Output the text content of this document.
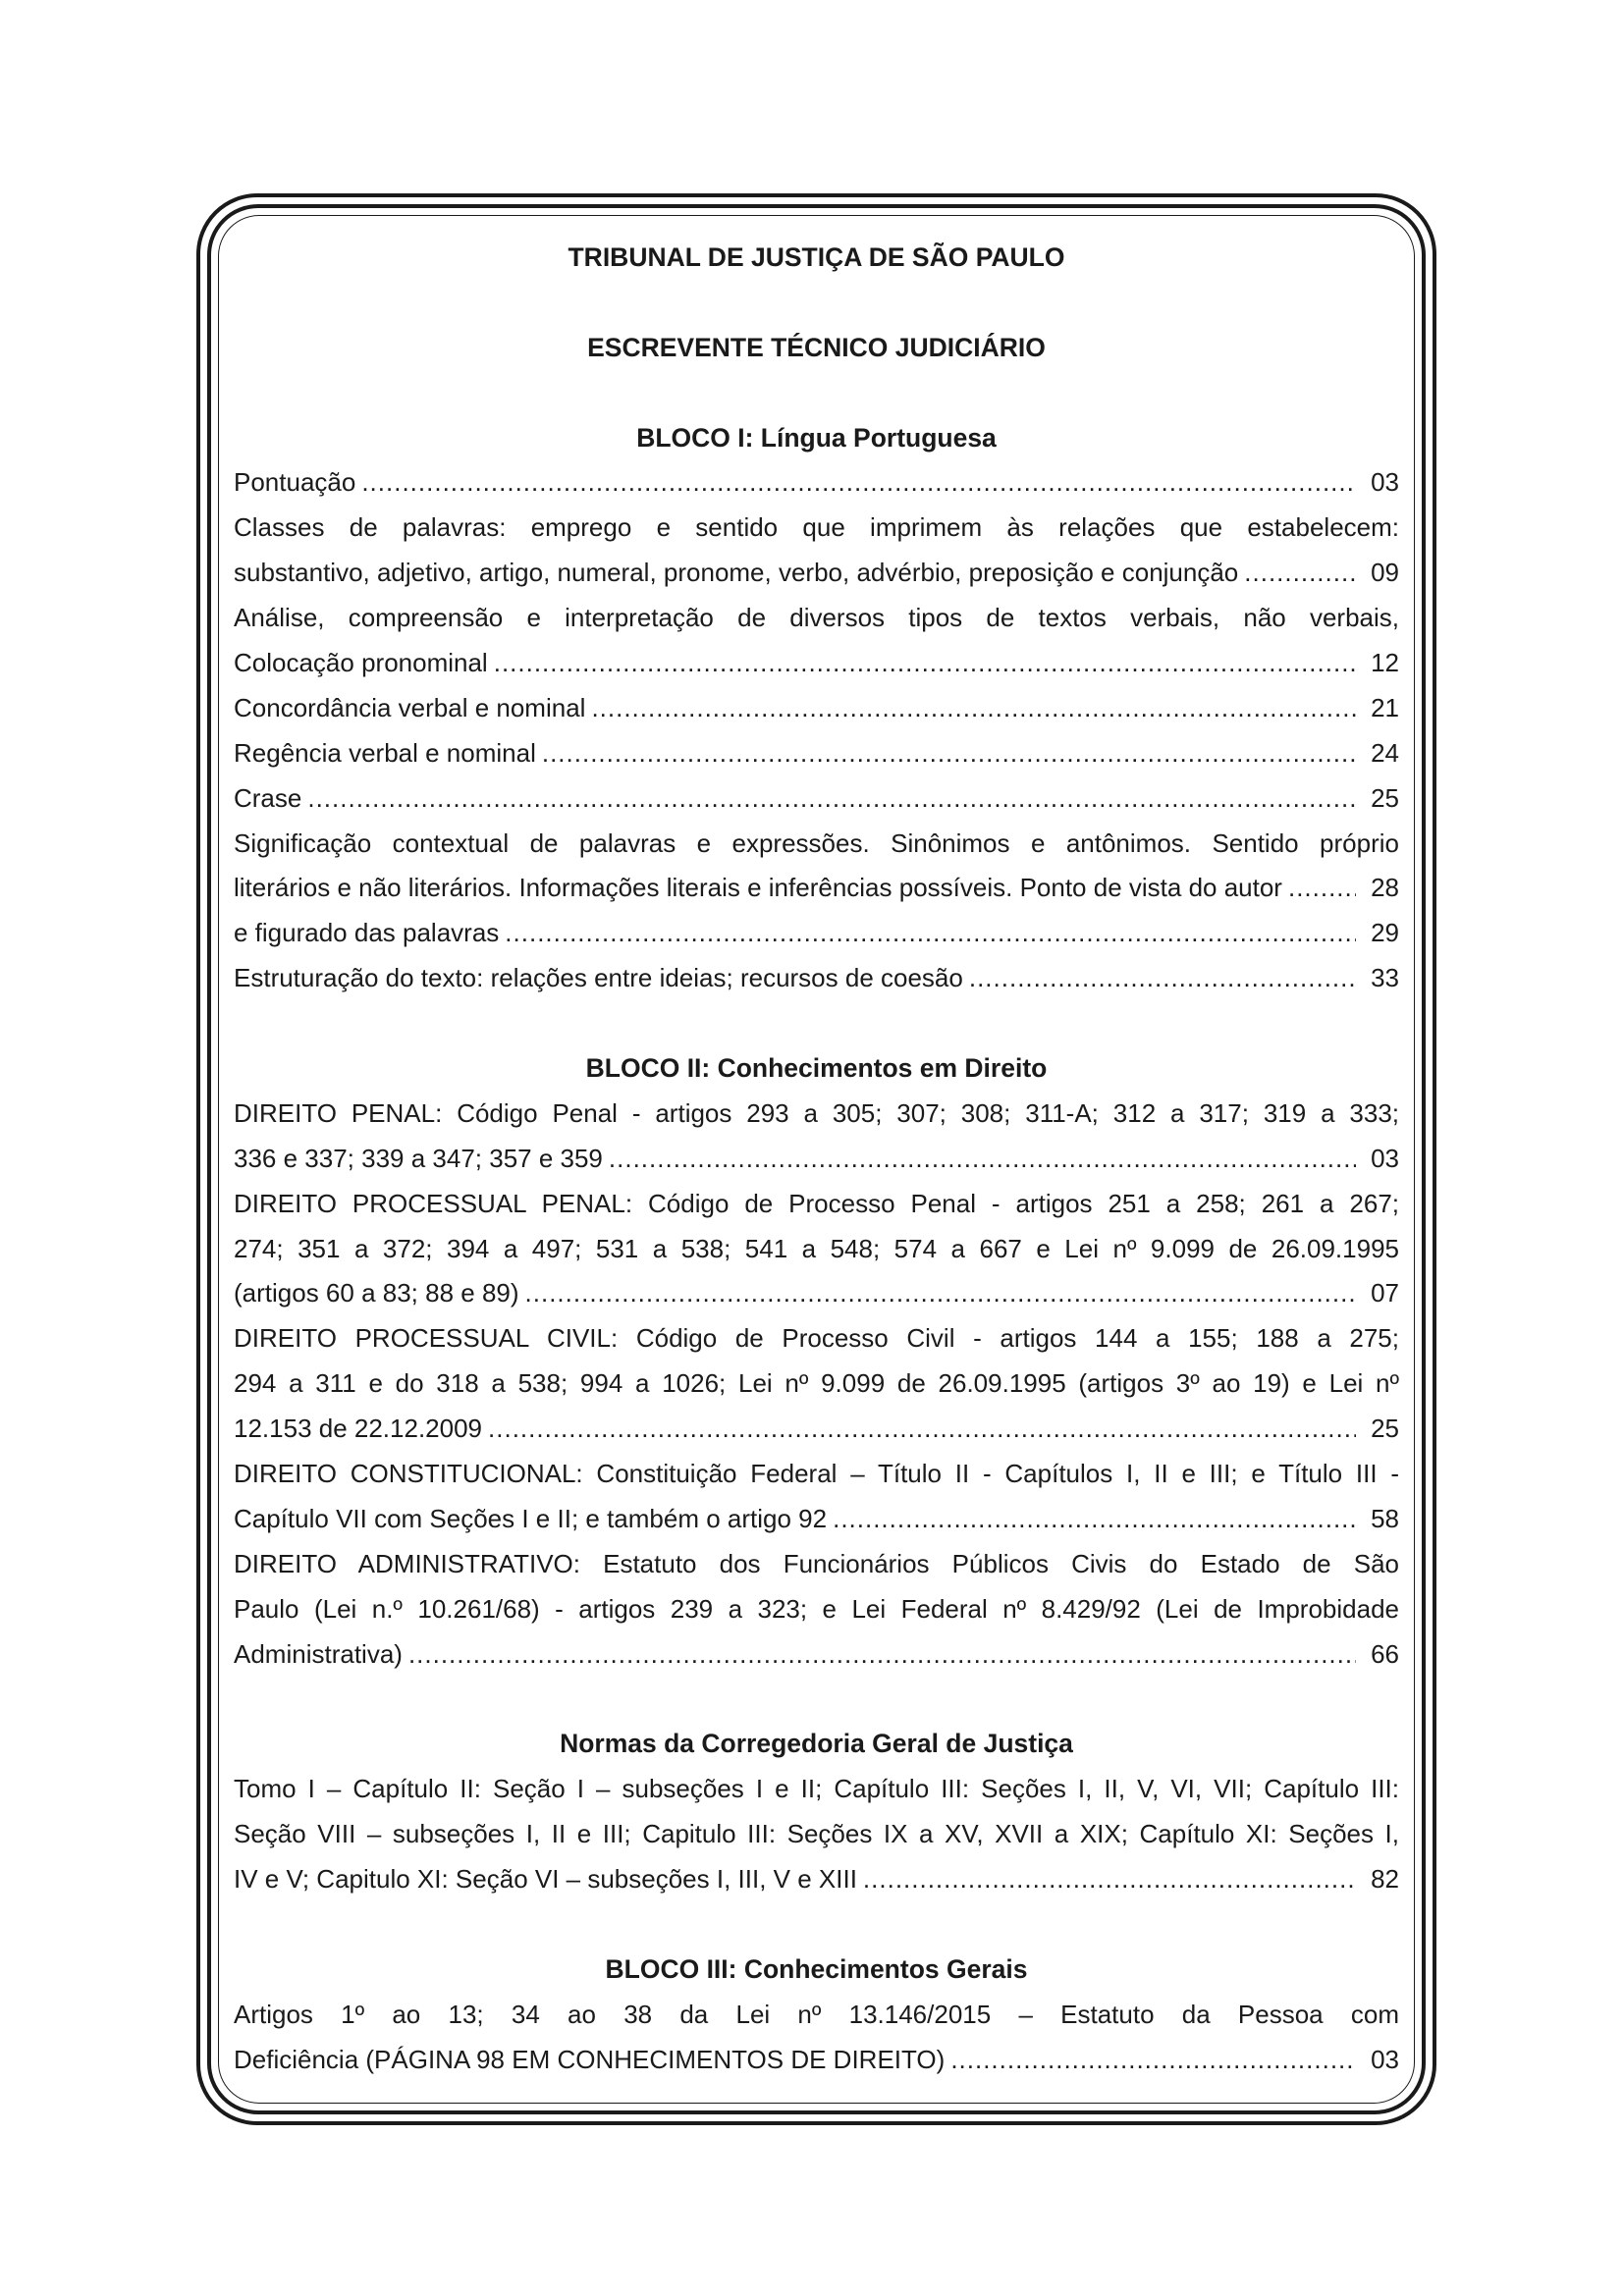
TRIBUNAL DE JUSTIÇA DE SÃO PAULO
ESCREVENTE TÉCNICO JUDICIÁRIO
BLOCO I: Língua Portuguesa
Pontuação .....	03
Classes de palavras: emprego e sentido que imprimem às relações que estabelecem:
substantivo, adjetivo, artigo, numeral, pronome, verbo, advérbio, preposição e conjunção .....	09
Análise, compreensão e interpretação de diversos tipos de textos verbais, não verbais,
Colocação pronominal .....	12
Concordância verbal e nominal .....	21
Regência verbal e nominal .....	24
Crase .....	25
Significação contextual de palavras e expressões. Sinônimos e antônimos. Sentido próprio
literários e não literários. Informações literais e inferências possíveis. Ponto de vista do autor .....	28
e figurado das palavras .....	29
Estruturação do texto: relações entre ideias; recursos de coesão .....	33
BLOCO II: Conhecimentos em Direito
DIREITO PENAL: Código Penal - artigos 293 a 305; 307; 308; 311-A; 312 a 317; 319 a 333;
336 e 337; 339 a 347; 357 e 359 .....	03
DIREITO PROCESSUAL PENAL: Código de Processo Penal - artigos 251 a 258; 261 a 267;
274; 351 a 372; 394 a 497; 531 a 538; 541 a 548; 574 a 667 e Lei nº 9.099 de 26.09.1995
(artigos 60 a 83; 88 e 89) .....	07
DIREITO PROCESSUAL CIVIL: Código de Processo Civil - artigos 144 a 155; 188 a 275;
294 a 311 e do 318 a 538; 994 a 1026; Lei nº 9.099 de 26.09.1995 (artigos 3º ao 19) e Lei nº
12.153 de 22.12.2009 .....	25
DIREITO CONSTITUCIONAL: Constituição Federal – Título II - Capítulos I, II e III; e Título III -
Capítulo VII com Seções I e II; e também o artigo 92 .....	58
DIREITO ADMINISTRATIVO: Estatuto dos Funcionários Públicos Civis do Estado de São
Paulo (Lei n.º 10.261/68) - artigos 239 a 323; e Lei Federal nº 8.429/92 (Lei de Improbidade
Administrativa) .....	66
Normas da Corregedoria Geral de Justiça
Tomo I – Capítulo II: Seção I – subseções I e II; Capítulo III: Seções I, II, V, VI, VII; Capítulo III:
Seção VIII – subseções I, II e III; Capitulo III: Seções IX a XV, XVII a XIX; Capítulo XI: Seções I,
IV e V; Capitulo XI: Seção VI – subseções I, III, V e XIII .....	82
BLOCO III: Conhecimentos Gerais
Artigos 1º ao 13; 34 ao 38 da Lei nº 13.146/2015 – Estatuto da Pessoa com
Deficiência (PÁGINA 98 EM CONHECIMENTOS DE DIREITO) .....	03
